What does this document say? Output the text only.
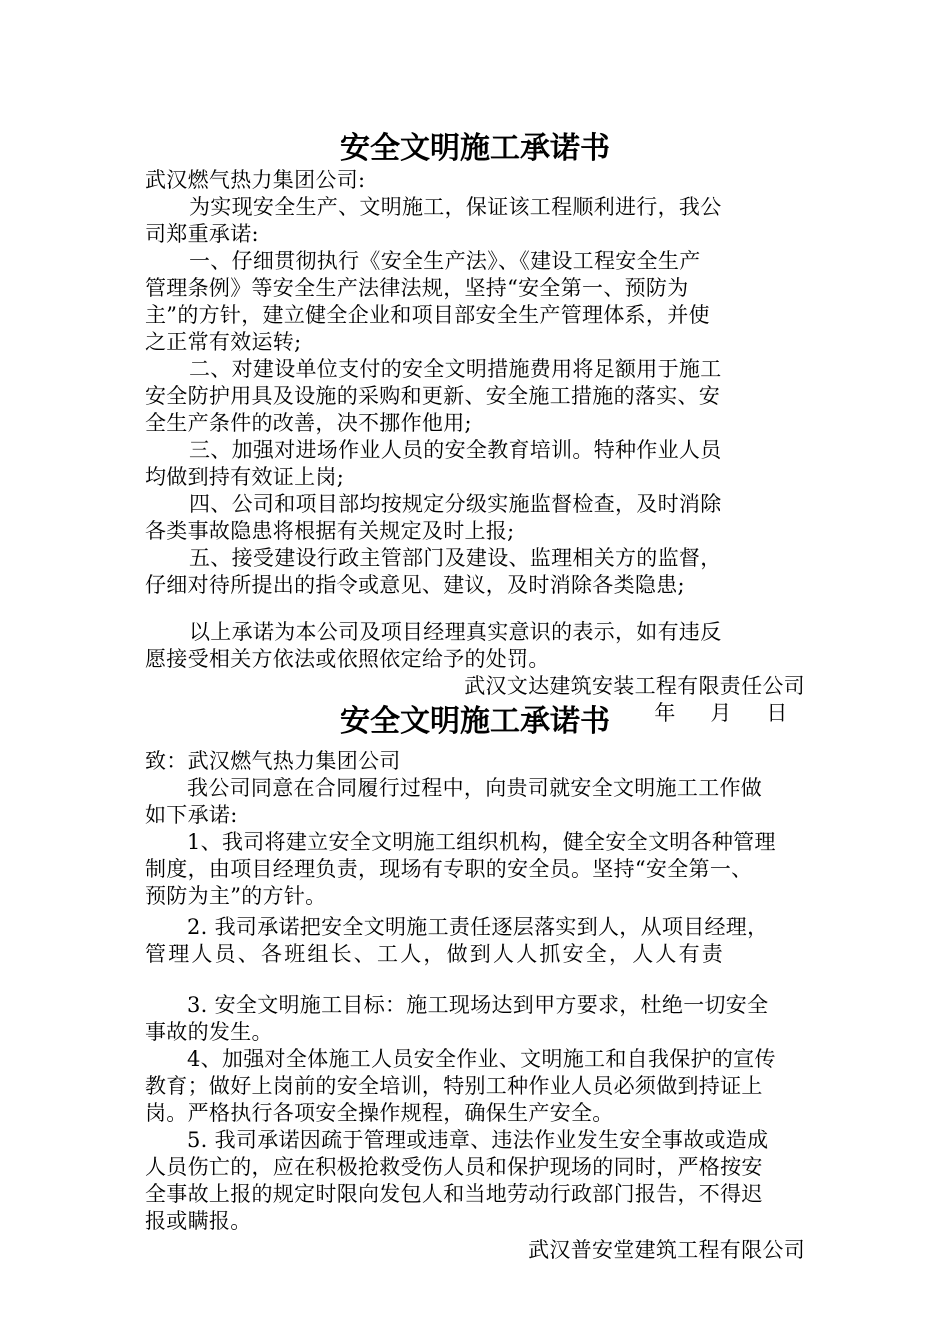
安全文明施工承诺书
武汉燃气热力集团公司:
为实现安全生产、文明施工，保证该工程顺利进行，我公
司郑重承诺:
一、仔细贯彻执行《安全生产法》、《建设工程安全生产
管理条例》等安全生产法律法规，坚持“安全第一、预防为
主”的方针，建立健全企业和项目部安全生产管理体系，并使
之正常有效运转;
二、对建设单位支付的安全文明措施费用将足额用于施工
安全防护用具及设施的采购和更新、安全施工措施的落实、安
全生产条件的改善，决不挪作他用;
三、加强对进场作业人员的安全教育培训。特种作业人员
均做到持有效证上岗;
四、公司和项目部均按规定分级实施监督检查，及时消除
各类事故隐患将根据有关规定及时上报;
五、接受建设行政主管部门及建设、监理相关方的监督，
仔细对待所提出的指令或意见、建议，及时消除各类隐患;
以上承诺为本公司及项目经理真实意识的表示，如有违反
愿接受相关方依法或依照依定给予的处罚。
武汉文达建筑安装工程有限责任公司
年 月 日
安全文明施工承诺书
致：武汉燃气热力集团公司
我公司同意在合同履行过程中，向贵司就安全文明施工工作做
如下承诺:
1、我司将建立安全文明施工组织机构，健全安全文明各种管理
制度，由项目经理负责，现场有专职的安全员。坚持“安全第一、
预防为主”的方针。
2. 我司承诺把安全文明施工责任逐层落实到人，从项目经理，
管理人员、各班组长、工人，做到人人抓安全，人人有责
3. 安全文明施工目标：施工现场达到甲方要求，杜绝一切安全
事故的发生。
4、加强对全体施工人员安全作业、文明施工和自我保护的宣传
教育；做好上岗前的安全培训，特别工种作业人员必须做到持证上
岗。严格执行各项安全操作规程，确保生产安全。
5. 我司承诺因疏于管理或违章、违法作业发生安全事故或造成
人员伤亡的，应在积极抢救受伤人员和保护现场的同时，严格按安
全事故上报的规定时限向发包人和当地劳动行政部门报告，不得迟
报或瞒报。
武汉普安堂建筑工程有限公司
